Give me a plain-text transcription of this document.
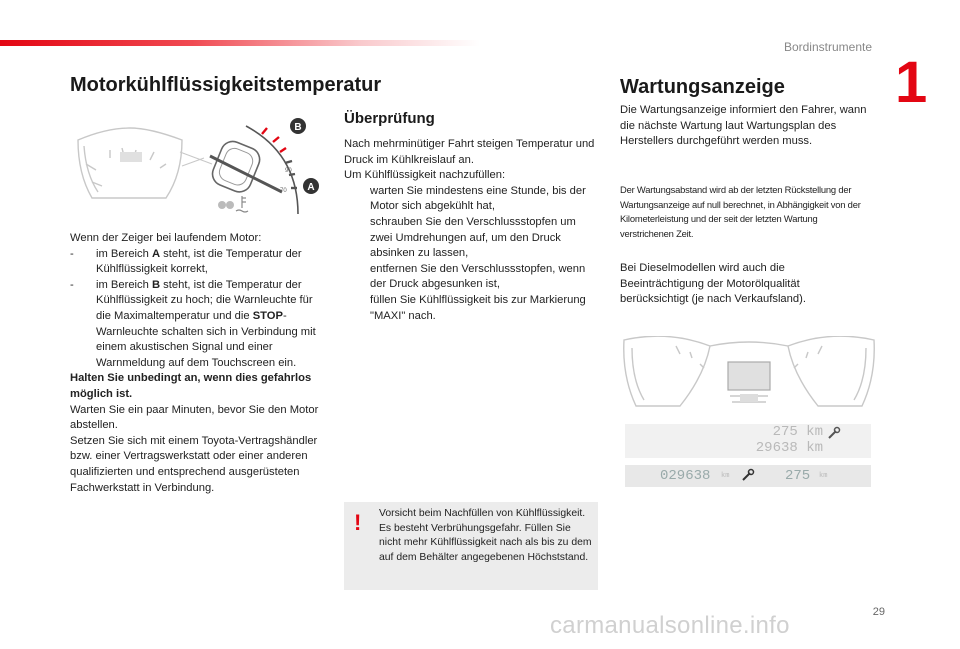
Bordinstrumente
1
Motorkühlflüssigkeitstemperatur
B
A
90
70

Wenn der Zeiger bei laufendem Motor:

- im Bereich A steht, ist die Temperatur der Kühlflüssigkeit korrekt,
- im Bereich B steht, ist die Temperatur der Kühlflüssigkeit zu hoch; die Warnleuchte für die Maximaltemperatur und die STOP-Warnleuchte schalten sich in Verbindung mit einem akustischen Signal und einer Warnmeldung auf dem Touchscreen ein.

Halten Sie unbedingt an, wenn dies gefahrlos möglich ist.

Warten Sie ein paar Minuten, bevor Sie den Motor abstellen.
Setzen Sie sich mit einem Toyota-Vertragshändler bzw. einer Vertragswerkstatt oder einer anderen qualifizierten und entsprechend ausgerüsteten Fachwerkstatt in Verbindung.

Überprüfung

Nach mehrminütiger Fahrt steigen Temperatur und Druck im Kühlkreislauf an.
Um Kühlflüssigkeit nachzufüllen:

warten Sie mindestens eine Stunde, bis der Motor sich abgekühlt hat,
schrauben Sie den Verschlussstopfen um zwei Umdrehungen auf, um den Druck absinken zu lassen,
entfernen Sie den Verschlussstopfen, wenn der Druck abgesunken ist,
füllen Sie Kühlflüssigkeit bis zur Markierung "MAXI" nach.
! Vorsicht beim Nachfüllen von Kühlflüssigkeit. Es besteht Verbrühungsgefahr. Füllen Sie nicht mehr Kühlflüssigkeit nach als bis zu dem auf dem Behälter angegebenen Höchststand.

Wartungsanzeige

Die Wartungsanzeige informiert den Fahrer, wann die nächste Wartung laut Wartungsplan des Herstellers durchgeführt werden muss.

Der Wartungsabstand wird ab der letzten Rückstellung der Wartungsanzeige auf null berechnet, in Abhängigkeit von der Kilometerleistung und der seit der letzten Wartung verstrichenen Zeit.

Bei Dieselmodellen wird auch die Beeinträchtigung der Motorölqualität berücksichtigt (je nach Verkaufsland).

275 km
29638 km
029638 km	275 km
29
carmanualsonline.info
